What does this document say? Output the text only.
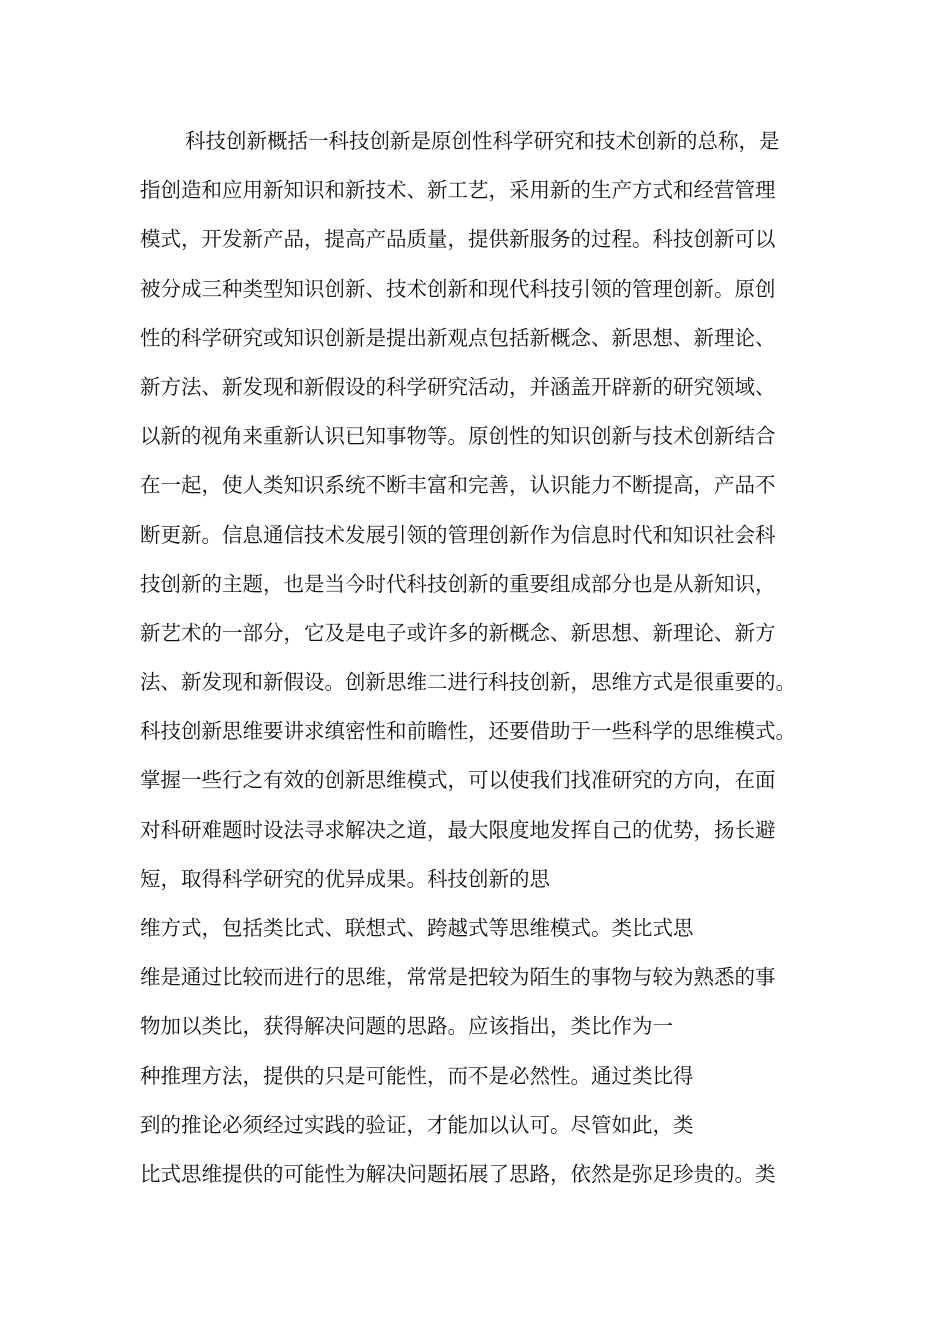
科技创新概括一科技创新是原创性科学研究和技术创新的总称，是
指创造和应用新知识和新技术、新工艺，采用新的生产方式和经营管理
模式，开发新产品，提高产品质量，提供新服务的过程。科技创新可以
被分成三种类型知识创新、技术创新和现代科技引领的管理创新。原创
性的科学研究或知识创新是提出新观点包括新概念、新思想、新理论、
新方法、新发现和新假设的科学研究活动，并涵盖开辟新的研究领域、
以新的视角来重新认识已知事物等。原创性的知识创新与技术创新结合
在一起，使人类知识系统不断丰富和完善，认识能力不断提高，产品不
断更新。信息通信技术发展引领的管理创新作为信息时代和知识社会科
技创新的主题，也是当今时代科技创新的重要组成部分也是从新知识，
新艺术的一部分，它及是电子或许多的新概念、新思想、新理论、新方
法、新发现和新假设。创新思维二进行科技创新，思维方式是很重要的。
科技创新思维要讲求缜密性和前瞻性，还要借助于一些科学的思维模式。
掌握一些行之有效的创新思维模式，可以使我们找准研究的方向，在面
对科研难题时设法寻求解决之道，最大限度地发挥自己的优势，扬长避
短，取得科学研究的优异成果。科技创新的思
维方式，包括类比式、联想式、跨越式等思维模式。类比式思
维是通过比较而进行的思维，常常是把较为陌生的事物与较为熟悉的事
物加以类比，获得解决问题的思路。应该指出，类比作为一
种推理方法，提供的只是可能性，而不是必然性。通过类比得
到的推论必须经过实践的验证，才能加以认可。尽管如此，类
比式思维提供的可能性为解决问题拓展了思路，依然是弥足珍贵的。类
